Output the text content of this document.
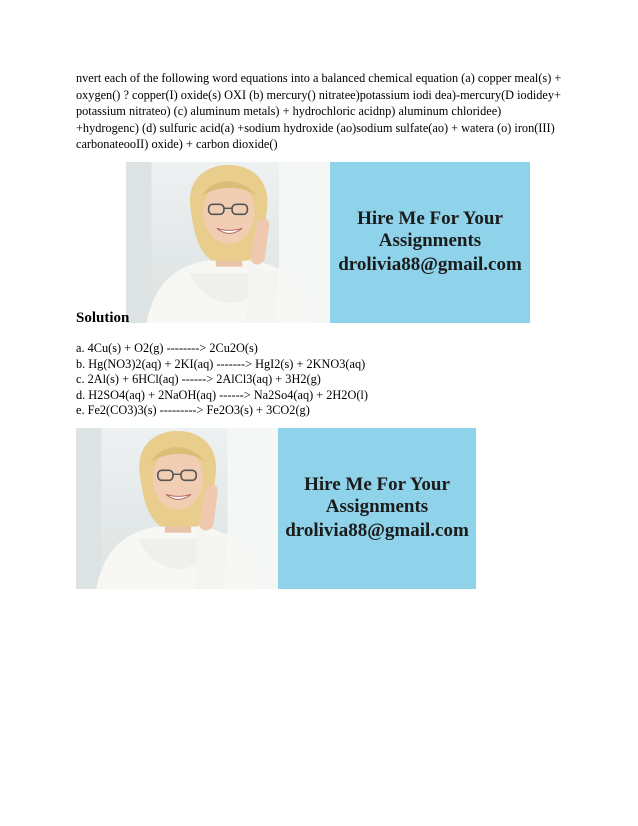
nvert each of the following word equations into a balanced chemical equation (a) copper meal(s) + oxygen() ? copper(I) oxide(s) OXI (b) mercury() nitratee)potassium iodi dea)-mercury(D iodidey+ potassium nitrateo) (c) aluminum metals) + hydrochloric acidnp) aluminum chloridee) +hydrogenc) (d) sulfuric acid(a) +sodium hydroxide (ao)sodium sulfate(ao) + watera (o) iron(III) carbonateooII) oxide) + carbon dioxide()

Hire Me For Your
Assignments
drolivia88@gmail.com
Solution
a. 4Cu(s) + O2(g) --------> 2Cu2O(s)
b. Hg(NO3)2(aq) + 2KI(aq) -------> HgI2(s) + 2KNO3(aq)
c. 2Al(s) + 6HCl(aq) ------> 2AlCl3(aq) + 3H2(g)
d. H2SO4(aq) + 2NaOH(aq) ------> Na2So4(aq) + 2H2O(l)
e. Fe2(CO3)3(s) ---------> Fe2O3(s) + 3CO2(g)
Hire Me For Your
Assignments
drolivia88@gmail.com
